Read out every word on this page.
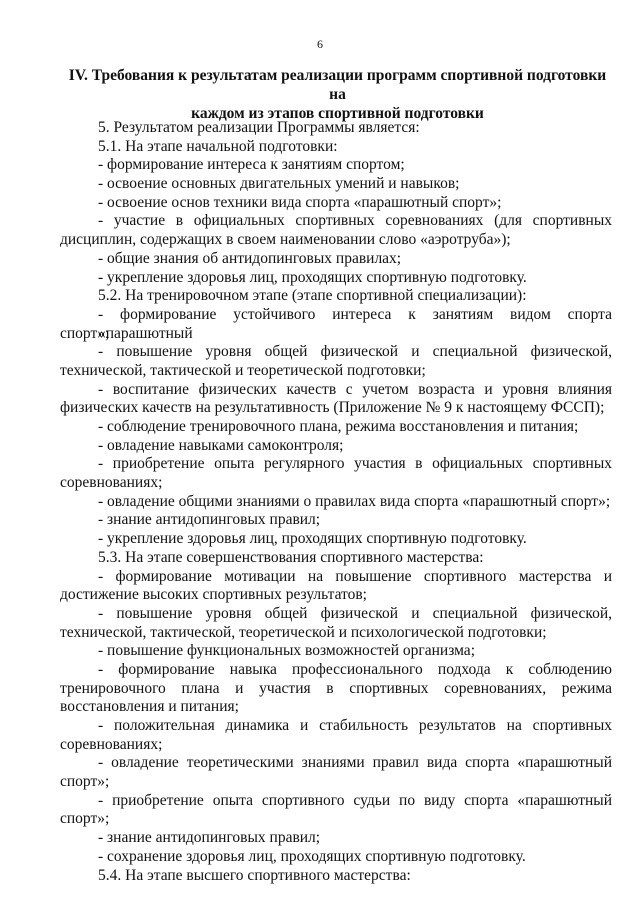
6
IV. Требования к результатам реализации программ спортивной подготовки на
каждом из этапов спортивной подготовки
5. Результатом реализации Программы является:
5.1. На этапе начальной подготовки:
- формирование интереса к занятиям спортом;
- освоение основных двигательных умений и навыков;
- освоение основ техники вида спорта «парашютный спорт»;
- участие в официальных спортивных соревнованиях (для спортивных
дисциплин, содержащих в своем наименовании слово «аэротруба»);
- общие знания об антидопинговых правилах;
- укрепление здоровья лиц, проходящих спортивную подготовку.
5.2. На тренировочном этапе (этапе спортивной специализации):
- формирование устойчивого интереса к занятиям видом спорта «парашютный
спорт»;
- повышение уровня общей физической и специальной физической,
технической, тактической и теоретической подготовки;
- воспитание физических качеств с учетом возраста и уровня влияния
физических качеств на результативность (Приложение № 9 к настоящему ФССП);
- соблюдение тренировочного плана, режима восстановления и питания;
- овладение навыками самоконтроля;
- приобретение опыта регулярного участия в официальных спортивных
соревнованиях;
- овладение общими знаниями о правилах вида спорта «парашютный спорт»;
- знание антидопинговых правил;
- укрепление здоровья лиц, проходящих спортивную подготовку.
5.3. На этапе совершенствования спортивного мастерства:
- формирование мотивации на повышение спортивного мастерства и
достижение высоких спортивных результатов;
- повышение уровня общей физической и специальной физической,
технической, тактической, теоретической и психологической подготовки;
- повышение функциональных возможностей организма;
- формирование навыка профессионального подхода к соблюдению
тренировочного плана и участия в спортивных соревнованиях, режима
восстановления и питания;
- положительная динамика и стабильность результатов на спортивных
соревнованиях;
- овладение теоретическими знаниями правил вида спорта «парашютный
спорт»;
- приобретение опыта спортивного судьи по виду спорта «парашютный
спорт»;
- знание антидопинговых правил;
- сохранение здоровья лиц, проходящих спортивную подготовку.
5.4. На этапе высшего спортивного мастерства:
